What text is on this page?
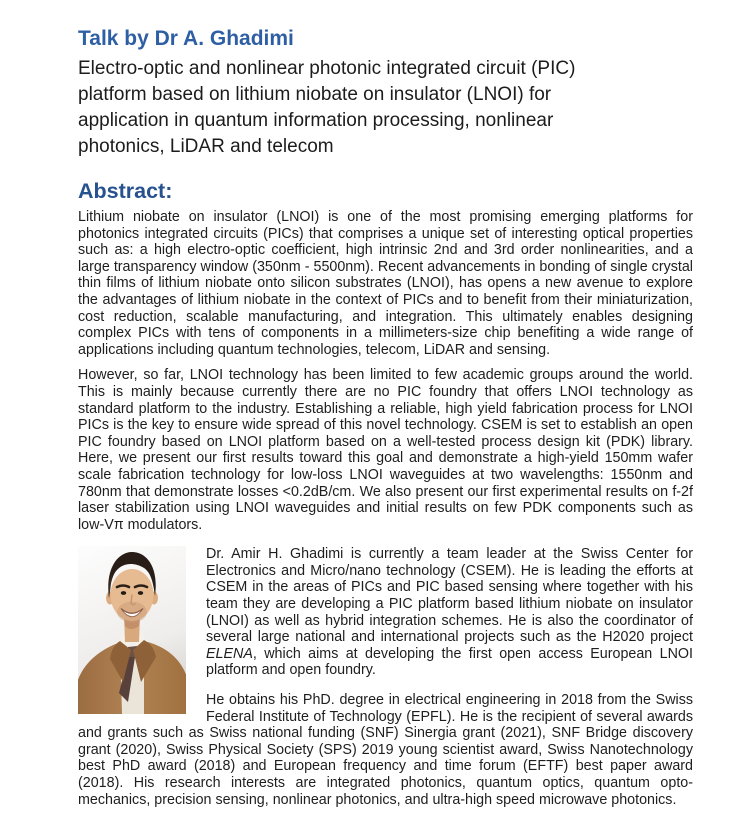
Talk by Dr A. Ghadimi
Electro-optic and nonlinear photonic integrated circuit (PIC) platform based on lithium niobate on insulator (LNOI) for application in quantum information processing, nonlinear photonics, LiDAR and telecom
Abstract:

Lithium niobate on insulator (LNOI) is one of the most promising emerging platforms for photonics integrated circuits (PICs) that comprises a unique set of interesting optical properties such as: a high electro-optic coefficient, high intrinsic 2nd and 3rd order nonlinearities, and a large transparency window (350nm - 5500nm). Recent advancements in bonding of single crystal thin films of lithium niobate onto silicon substrates (LNOI), has opens a new avenue to explore the advantages of lithium niobate in the context of PICs and to benefit from their miniaturization, cost reduction, scalable manufacturing, and integration. This ultimately enables designing complex PICs with tens of components in a millimeters-size chip benefiting a wide range of applications including quantum technologies, telecom, LiDAR and sensing.

However, so far, LNOI technology has been limited to few academic groups around the world. This is mainly because currently there are no PIC foundry that offers LNOI technology as standard platform to the industry. Establishing a reliable, high yield fabrication process for LNOI PICs is the key to ensure wide spread of this novel technology. CSEM is set to establish an open PIC foundry based on LNOI platform based on a well-tested process design kit (PDK) library. Here, we present our first results toward this goal and demonstrate a high-yield 150mm wafer scale fabrication technology for low-loss LNOI waveguides at two wavelengths: 1550nm and 780nm that demonstrate losses <0.2dB/cm. We also present our first experimental results on f-2f laser stabilization using LNOI waveguides and initial results on few PDK components such as low-Vπ modulators.

Dr. Amir H. Ghadimi is currently a team leader at the Swiss Center for Electronics and Micro/nano technology (CSEM). He is leading the efforts at CSEM in the areas of PICs and PIC based sensing where together with his team they are developing a PIC platform based lithium niobate on insulator (LNOI) as well as hybrid integration schemes. He is also the coordinator of several large national and international projects such as the H2020 project ELENA, which aims at developing the first open access European LNOI platform and open foundry.

He obtains his PhD. degree in electrical engineering in 2018 from the Swiss Federal Institute of Technology (EPFL). He is the recipient of several awards and grants such as Swiss national funding (SNF) Sinergia grant (2021), SNF Bridge discovery grant (2020), Swiss Physical Society (SPS) 2019 young scientist award, Swiss Nanotechnology best PhD award (2018) and European frequency and time forum (EFTF) best paper award (2018). His research interests are integrated photonics, quantum optics, quantum opto-mechanics, precision sensing, nonlinear photonics, and ultra-high speed microwave photonics.
